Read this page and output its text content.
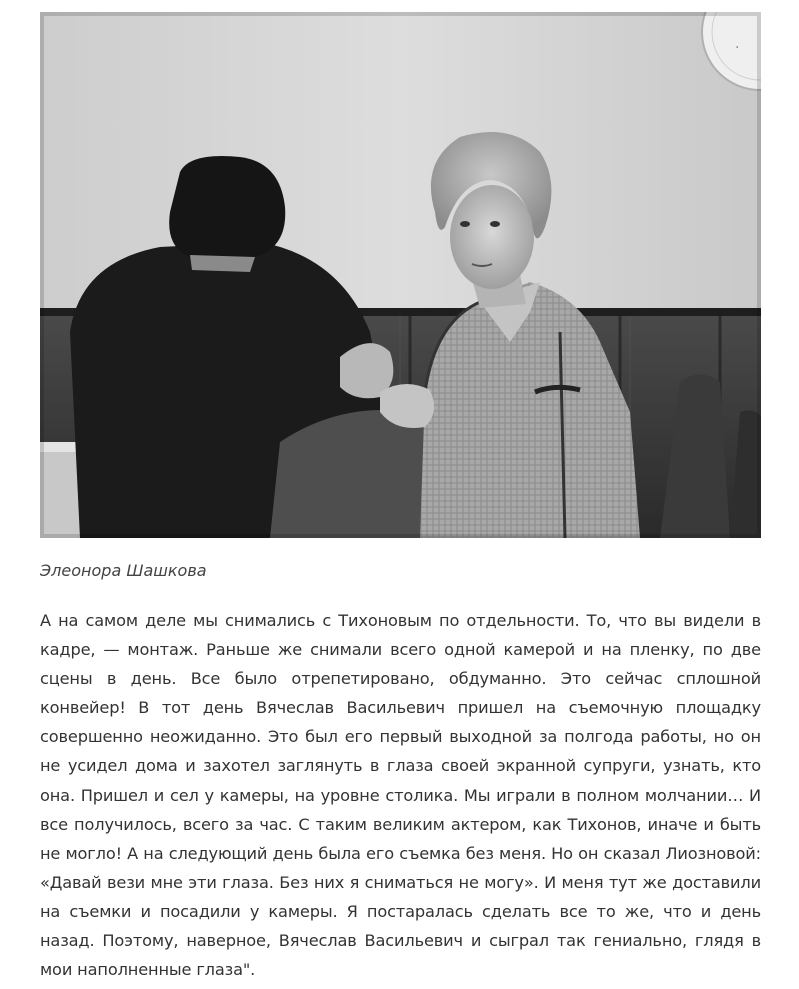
·
Элеонора Шашкова

А на самом деле мы снимались с Тихоновым по отдельности. То, что вы видели в кадре, — монтаж. Раньше же снимали всего одной камерой и на пленку, по две сцены в день. Все было отрепетировано, обдуманно. Это сейчас сплошной конвейер! В тот день Вячеслав Васильевич пришел на съемочную площадку совершенно неожиданно. Это был его первый выходной за полгода работы, но он не усидел дома и захотел заглянуть в глаза своей экранной супруги, узнать, кто она. Пришел и сел у камеры, на уровне столика. Мы играли в полном молчании… И все получилось, всего за час. С таким великим актером, как Тихонов, иначе и быть не могло! А на следующий день была его съемка без меня. Но он сказал Лиозновой: «Давай вези мне эти глаза. Без них я сниматься не могу». И меня тут же доставили на съемки и посадили у камеры. Я постаралась сделать все то же, что и день назад. Поэтому, наверное, Вячеслав Васильевич и сыграл так гениально, глядя в мои наполненные глаза".
